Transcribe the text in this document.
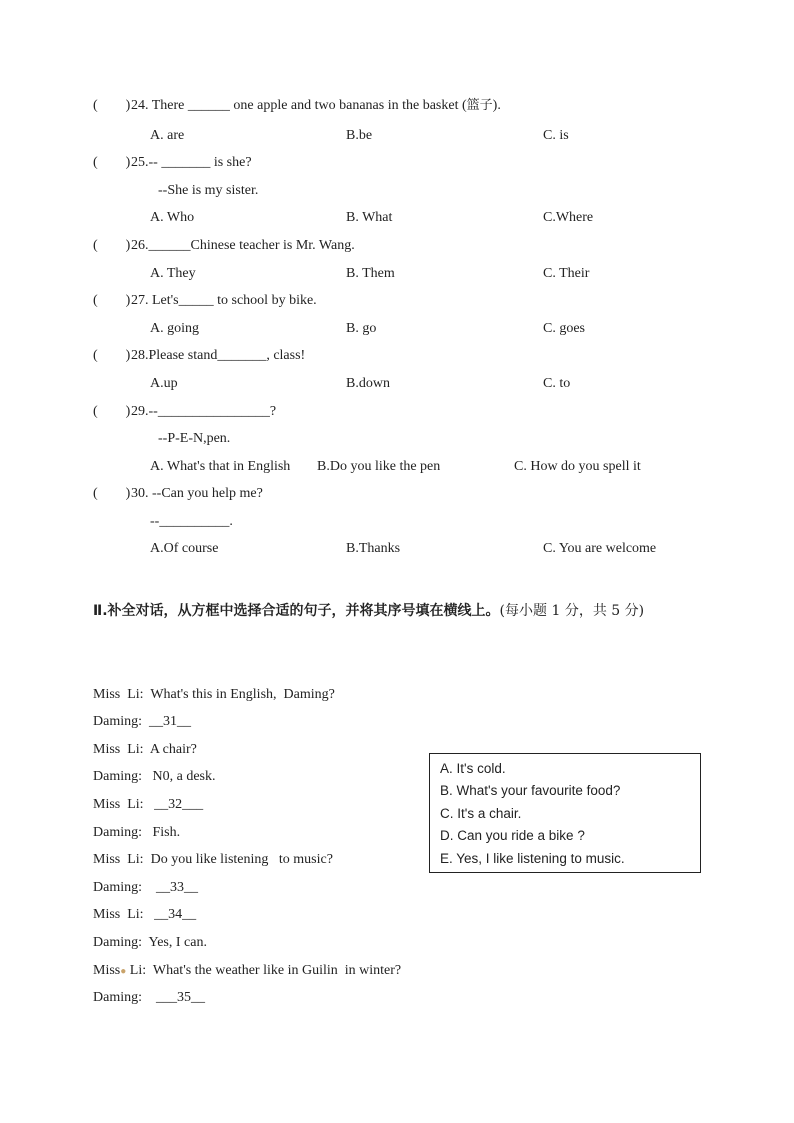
(        ) 24. There ______ one apple and two bananas in the basket (篮子).
A. are	B.be	C. is
(        ) 25.-- _______ is she?
--She is my sister.
A. Who	B. What	C.Where
(        ) 26.______Chinese teacher is Mr. Wang.
A. They	B. Them	C. Their
(        ) 27. Let's_____ to school by bike.
A. going	B. go	C. goes
(        ) 28.Please stand_______, class!
A.up	B.down	C. to
(        ) 29.--________________?
--P-E-N,pen.
A. What's that in English B.Do you like the pen	C. How do you spell it
(        ) 30. --Can you help me?
--__________.
A.Of course	B.Thanks	C. You are welcome
Ⅱ.补全对话，从方框中选择合适的句子，并将其序号填在横线上。(每小题 1 分，共 5 分)
Miss  Li: What's this in English,  Daming?
Daming: __31__
Miss  Li: A chair?
Daming: N0, a desk.
Miss  Li: __32___
Daming: Fish.
Miss  Li: Do you like listening   to music?
Daming: __33__
Miss  Li: __34__
Daming: Yes, I can.
Miss● Li: What's the weather like in Guilin  in winter?
Daming: ___35__
A. It's cold.
B. What's your favourite food?
C. It's a chair.
D. Can you ride a bike ?
E. Yes, I like listening to music.
